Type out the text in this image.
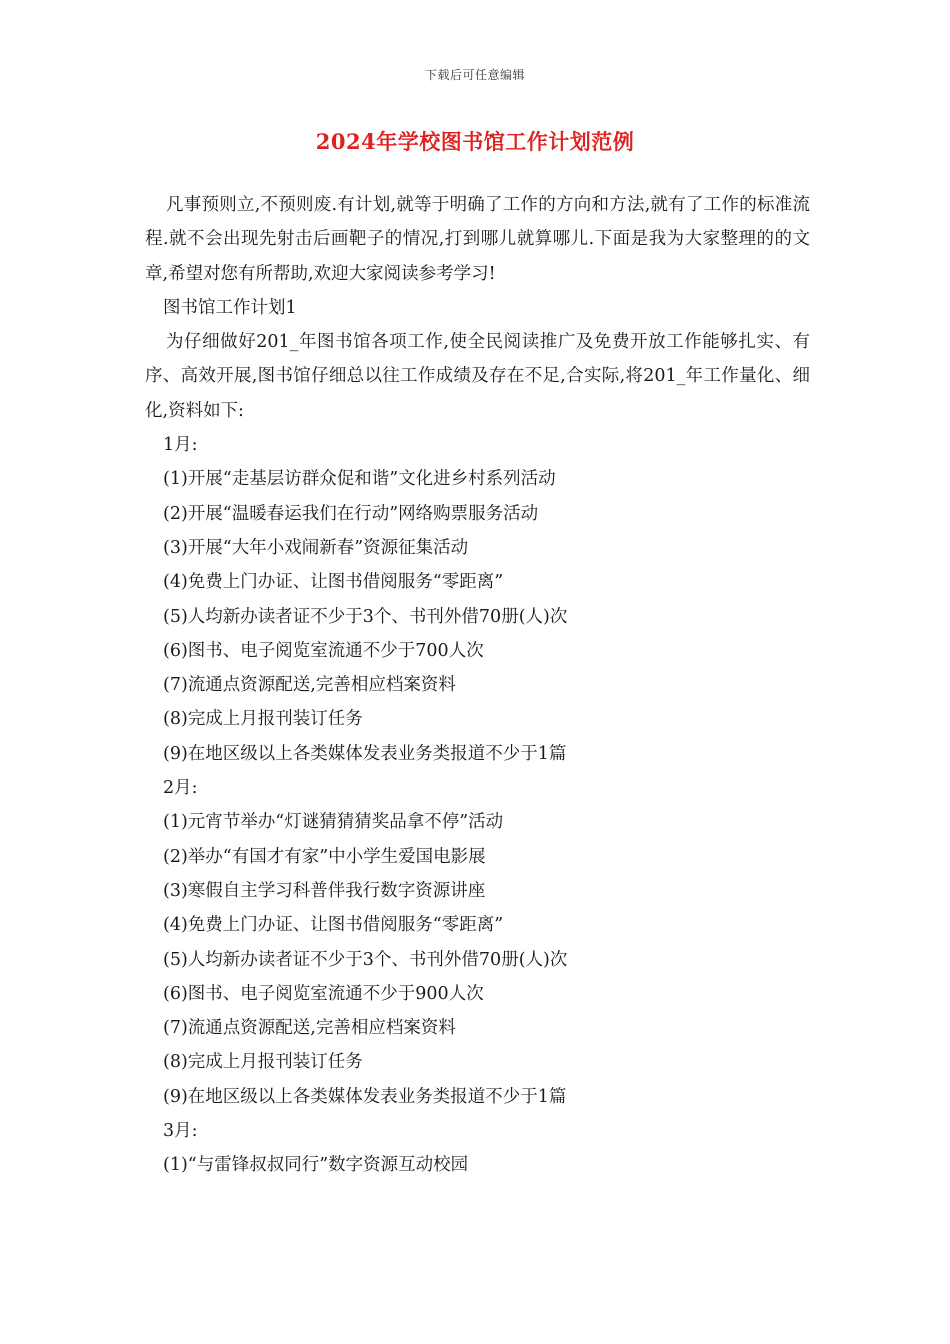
下载后可任意编辑
2024年学校图书馆工作计划范例

凡事预则立,不预则废.有计划,就等于明确了工作的方向和方法,就有了工作的标准流程.就不会出现先射击后画靶子的情况,打到哪儿就算哪儿.下面是我为大家整理的的文章,希望对您有所帮助,欢迎大家阅读参考学习!

图书馆工作计划1

为仔细做好201_年图书馆各项工作,使全民阅读推广及免费开放工作能够扎实、有序、高效开展,图书馆仔细总以往工作成绩及存在不足,合实际,将201_年工作量化、细化,资料如下:

1月:

(1)开展“走基层访群众促和谐”文化进乡村系列活动

(2)开展“温暖春运我们在行动”网络购票服务活动

(3)开展“大年小戏闹新春”资源征集活动

(4)免费上门办证、让图书借阅服务“零距离”

(5)人均新办读者证不少于3个、书刊外借70册(人)次

(6)图书、电子阅览室流通不少于700人次

(7)流通点资源配送,完善相应档案资料

(8)完成上月报刊装订任务

(9)在地区级以上各类媒体发表业务类报道不少于1篇

2月:

(1)元宵节举办“灯谜猜猜猜奖品拿不停”活动

(2)举办“有国才有家”中小学生爱国电影展

(3)寒假自主学习科普伴我行数字资源讲座

(4)免费上门办证、让图书借阅服务“零距离”

(5)人均新办读者证不少于3个、书刊外借70册(人)次

(6)图书、电子阅览室流通不少于900人次

(7)流通点资源配送,完善相应档案资料

(8)完成上月报刊装订任务

(9)在地区级以上各类媒体发表业务类报道不少于1篇

3月:

(1)“与雷锋叔叔同行”数字资源互动校园
